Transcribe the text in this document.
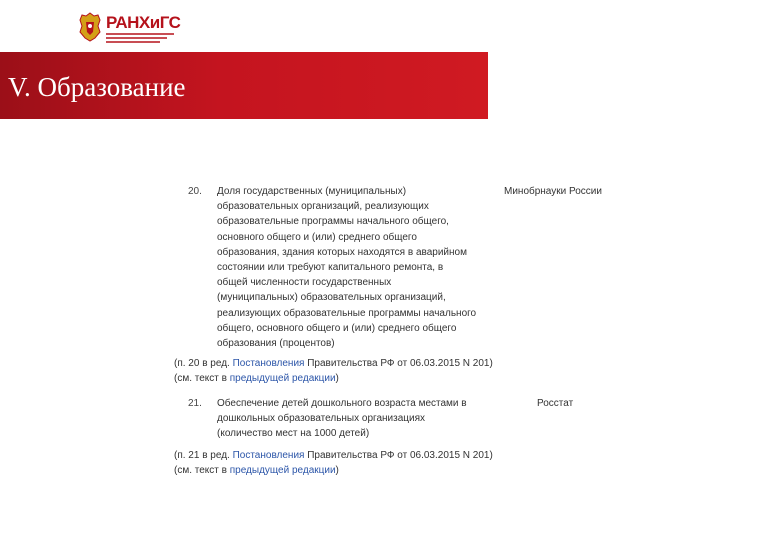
РАНХиГС
V. Образование
20. Доля государственных (муниципальных)
образовательных организаций, реализующих
образовательные программы начального общего,
основного общего и (или) среднего общего
образования, здания которых находятся в аварийном
состоянии или требуют капитального ремонта, в
общей численности государственных
(муниципальных) образовательных организаций,
реализующих образовательные программы начального
общего, основного общего и (или) среднего общего
образования (процентов)
Минобрнауки России
(п. 20 в ред. Постановления Правительства РФ от 06.03.2015 N 201)
(см. текст в предыдущей редакции)
21. Обеспечение детей дошкольного возраста местами в
дошкольных образовательных организациях
(количество мест на 1000 детей)
Росстат
(п. 21 в ред. Постановления Правительства РФ от 06.03.2015 N 201)
(см. текст в предыдущей редакции)
